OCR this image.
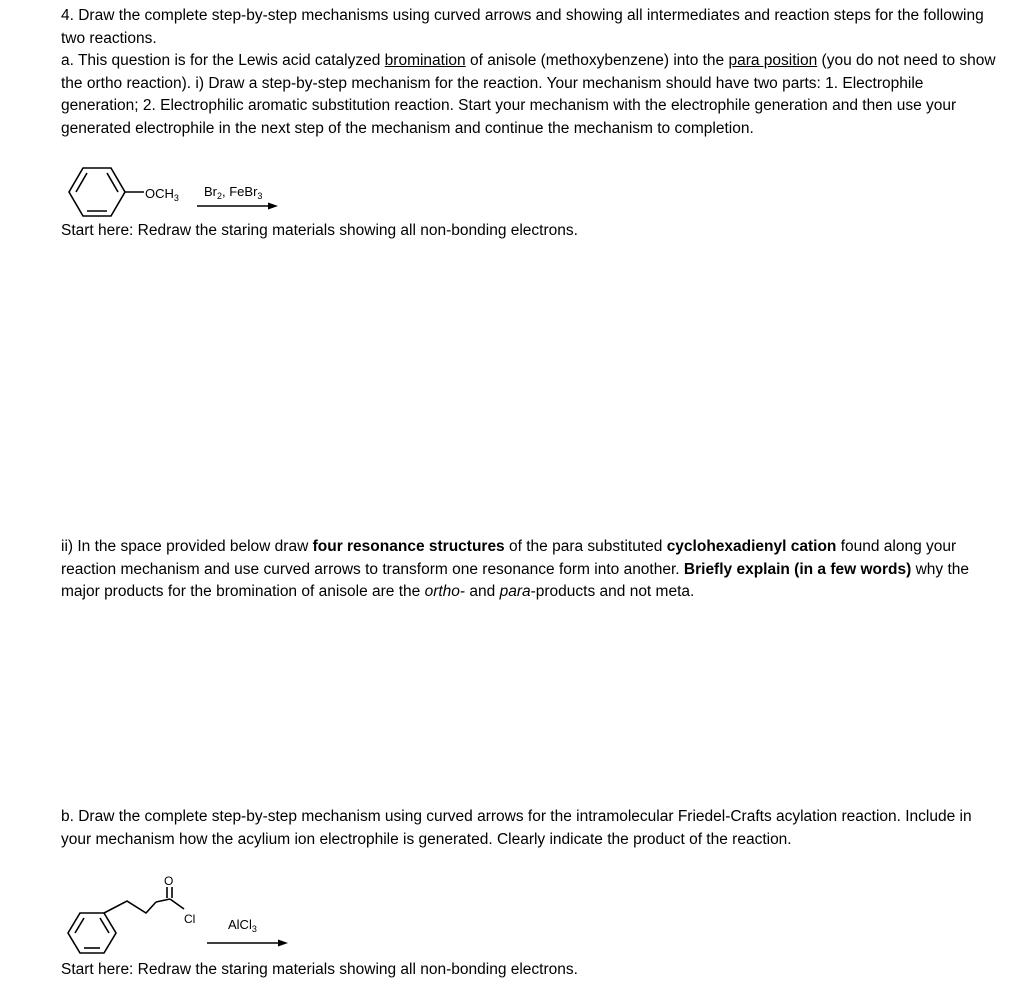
4. Draw the complete step-by-step mechanisms using curved arrows and showing all intermediates and reaction steps for the following two reactions.

a. This question is for the Lewis acid catalyzed bromination of anisole (methoxybenzene) into the para position (you do not need to show the ortho reaction). i) Draw a step-by-step mechanism for the reaction. Your mechanism should have two parts: 1. Electrophile generation; 2. Electrophilic aromatic substitution reaction. Start your mechanism with the electrophile generation and then use your generated electrophile in the next step of the mechanism and continue the mechanism to completion.

$OCH_3$ $Br_2$, FeBr$_3$

Start here: Redraw the staring materials showing all non-bonding electrons.

ii) In the space provided below draw four resonance structures of the para substituted cyclohexadienyl cation found along your reaction mechanism and use curved arrows to transform one resonance form into another. Briefly explain (in a few words) why the major products for the bromination of anisole are the ortho- and para-products and not meta.

b. Draw the complete step-by-step mechanism using curved arrows for the intramolecular Friedel-Crafts acylation reaction. Include in your mechanism how the acylium ion electrophile is generated. Clearly indicate the product of the reaction.

O
Cl	AlCl$_3$

Start here: Redraw the staring materials showing all non-bonding electrons.
